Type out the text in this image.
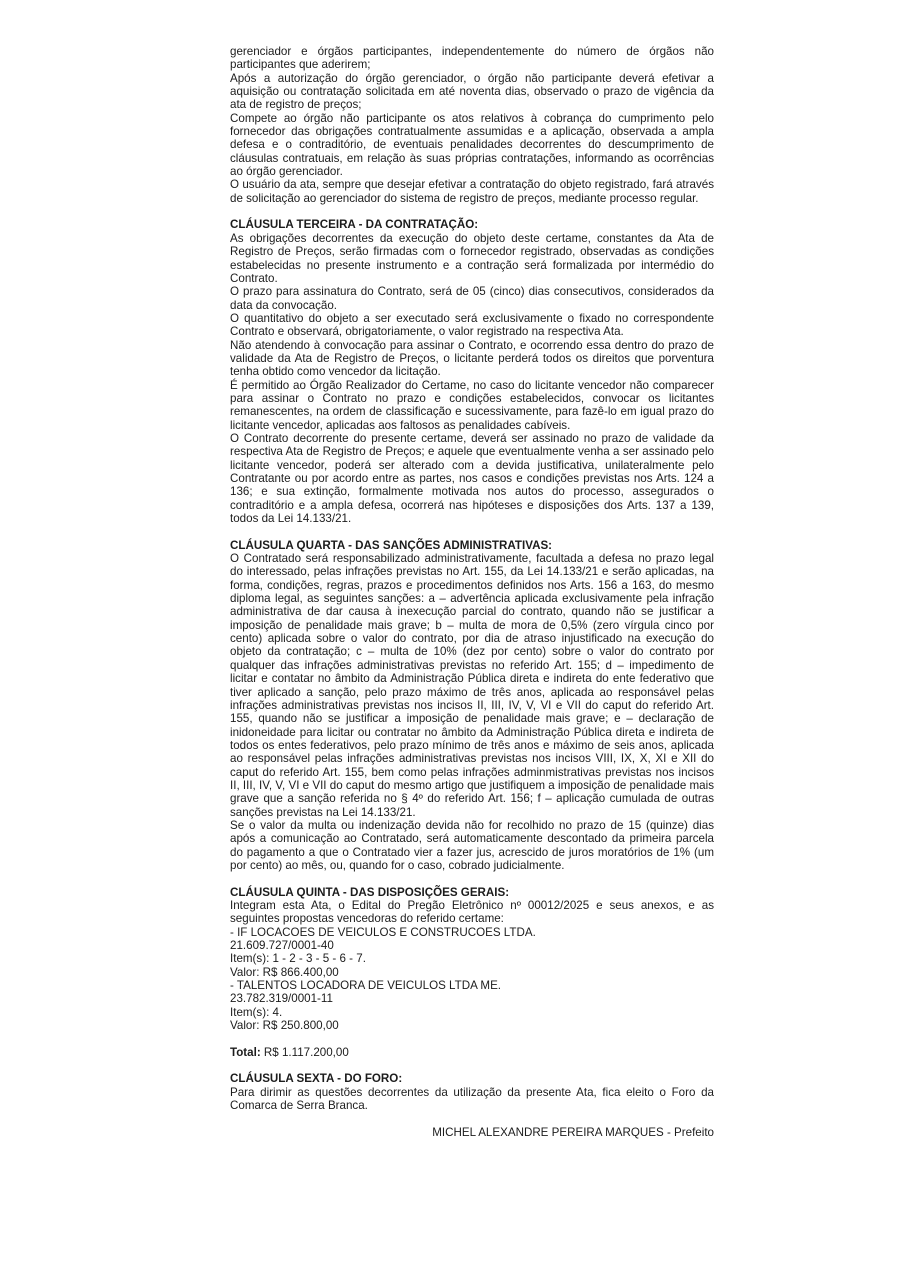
gerenciador e órgãos participantes, independentemente do número de órgãos não participantes que aderirem;

Após a autorização do órgão gerenciador, o órgão não participante deverá efetivar a aquisição ou contratação solicitada em até noventa dias, observado o prazo de vigência da ata de registro de preços;

Compete ao órgão não participante os atos relativos à cobrança do cumprimento pelo fornecedor das obrigações contratualmente assumidas e a aplicação, observada a ampla defesa e o contraditório, de eventuais penalidades decorrentes do descumprimento de cláusulas contratuais, em relação às suas próprias contratações, informando as ocorrências ao órgão gerenciador.

O usuário da ata, sempre que desejar efetivar a contratação do objeto registrado, fará através de solicitação ao gerenciador do sistema de registro de preços, mediante processo regular.

CLÁUSULA TERCEIRA - DA CONTRATAÇÃO:

As obrigações decorrentes da execução do objeto deste certame, constantes da Ata de Registro de Preços, serão firmadas com o fornecedor registrado, observadas as condições estabelecidas no presente instrumento e a contração será formalizada por intermédio do Contrato.

O prazo para assinatura do Contrato, será de 05 (cinco) dias consecutivos, considerados da data da convocação.

O quantitativo do objeto a ser executado será exclusivamente o fixado no correspondente Contrato e observará, obrigatoriamente, o valor registrado na respectiva Ata.

Não atendendo à convocação para assinar o Contrato, e ocorrendo essa dentro do prazo de validade da Ata de Registro de Preços, o licitante perderá todos os direitos que porventura tenha obtido como vencedor da licitação.

É permitido ao Órgão Realizador do Certame, no caso do licitante vencedor não comparecer para assinar o Contrato no prazo e condições estabelecidos, convocar os licitantes remanescentes, na ordem de classificação e sucessivamente, para fazê-lo em igual prazo do licitante vencedor, aplicadas aos faltosos as penalidades cabíveis.

O Contrato decorrente do presente certame, deverá ser assinado no prazo de validade da respectiva Ata de Registro de Preços; e aquele que eventualmente venha a ser assinado pelo licitante vencedor, poderá ser alterado com a devida justificativa, unilateralmente pelo Contratante ou por acordo entre as partes, nos casos e condições previstas nos Arts. 124 a 136; e sua extinção, formalmente motivada nos autos do processo, assegurados o contraditório e a ampla defesa, ocorrerá nas hipóteses e disposições dos Arts. 137 a 139, todos da Lei 14.133/21.

CLÁUSULA QUARTA - DAS SANÇÕES ADMINISTRATIVAS:

O Contratado será responsabilizado administrativamente, facultada a defesa no prazo legal do interessado, pelas infrações previstas no Art. 155, da Lei 14.133/21 e serão aplicadas, na forma, condições, regras, prazos e procedimentos definidos nos Arts. 156 a 163, do mesmo diploma legal, as seguintes sanções: a – advertência aplicada exclusivamente pela infração administrativa de dar causa à inexecução parcial do contrato, quando não se justificar a imposição de penalidade mais grave; b – multa de mora de 0,5% (zero vírgula cinco por cento) aplicada sobre o valor do contrato, por dia de atraso injustificado na execução do objeto da contratação; c – multa de 10% (dez por cento) sobre o valor do contrato por qualquer das infrações administrativas previstas no referido Art. 155; d – impedimento de licitar e contatar no âmbito da Administração Pública direta e indireta do ente federativo que tiver aplicado a sanção, pelo prazo máximo de três anos, aplicada ao responsável pelas infrações administrativas previstas nos incisos II, III, IV, V, VI e VII do caput do referido Art. 155, quando não se justificar a imposição de penalidade mais grave; e – declaração de inidoneidade para licitar ou contratar no âmbito da Administração Pública direta e indireta de todos os entes federativos, pelo prazo mínimo de três anos e máximo de seis anos, aplicada ao responsável pelas infrações administrativas previstas nos incisos VIII, IX, X, XI e XII do caput do referido Art. 155, bem como pelas infrações adminmistrativas previstas nos incisos II, III, IV, V, VI e VII do caput do mesmo artigo que justifiquem a imposição de penalidade mais grave que a sanção referida no § 4º do referido Art. 156; f – aplicação cumulada de outras sanções previstas na Lei 14.133/21.

Se o valor da multa ou indenização devida não for recolhido no prazo de 15 (quinze) dias após a comunicação ao Contratado, será automaticamente descontado da primeira parcela do pagamento a que o Contratado vier a fazer jus, acrescido de juros moratórios de 1% (um por cento) ao mês, ou, quando for o caso, cobrado judicialmente.

CLÁUSULA QUINTA - DAS DISPOSIÇÕES GERAIS:

Integram esta Ata, o Edital do Pregão Eletrônico nº 00012/2025 e seus anexos, e as seguintes propostas vencedoras do referido certame:

- IF LOCACOES DE VEICULOS E CONSTRUCOES LTDA.

21.609.727/0001-40

Item(s): 1 - 2 - 3 - 5 - 6 - 7.

Valor: R$ 866.400,00

- TALENTOS LOCADORA DE VEICULOS LTDA ME.

23.782.319/0001-11

Item(s): 4.

Valor: R$ 250.800,00

Total: R$ 1.117.200,00

CLÁUSULA SEXTA - DO FORO:

Para dirimir as questões decorrentes da utilização da presente Ata, fica eleito o Foro da Comarca de Serra Branca.

MICHEL ALEXANDRE PEREIRA MARQUES - Prefeito
